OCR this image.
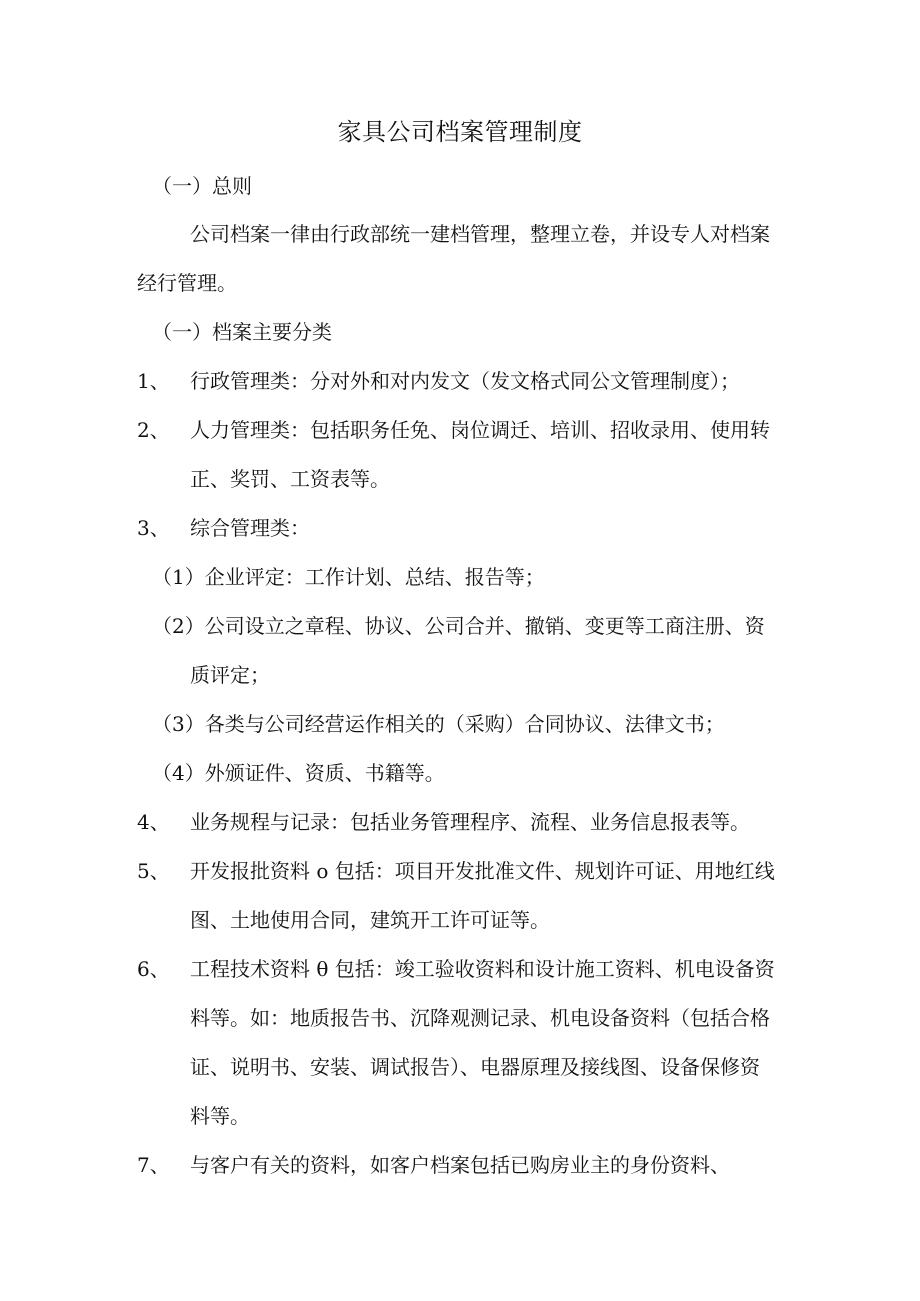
家具公司档案管理制度
（一）总则
公司档案一律由行政部统一建档管理，整理立卷，并设专人对档案
经行管理。
（一）档案主要分类
1、 行政管理类：分对外和对内发文（发文格式同公文管理制度）；
2、 人力管理类：包括职务任免、岗位调迁、培训、招收录用、使用转
正、奖罚、工资表等。
3、 综合管理类：
（1）企业评定：工作计划、总结、报告等；
（2）公司设立之章程、协议、公司合并、撤销、变更等工商注册、资
质评定；
（3）各类与公司经营运作相关的（采购）合同协议、法律文书；
（4）外颁证件、资质、书籍等。
4、 业务规程与记录：包括业务管理程序、流程、业务信息报表等。
5、 开发报批资料 o 包括：项目开发批准文件、规划许可证、用地红线
图、土地使用合同，建筑开工许可证等。
6、 工程技术资料 θ 包括：竣工验收资料和设计施工资料、机电设备资
料等。如：地质报告书、沉降观测记录、机电设备资料（包括合格
证、说明书、安装、调试报告）、电器原理及接线图、设备保修资
料等。
7、 与客户有关的资料，如客户档案包括已购房业主的身份资料、
